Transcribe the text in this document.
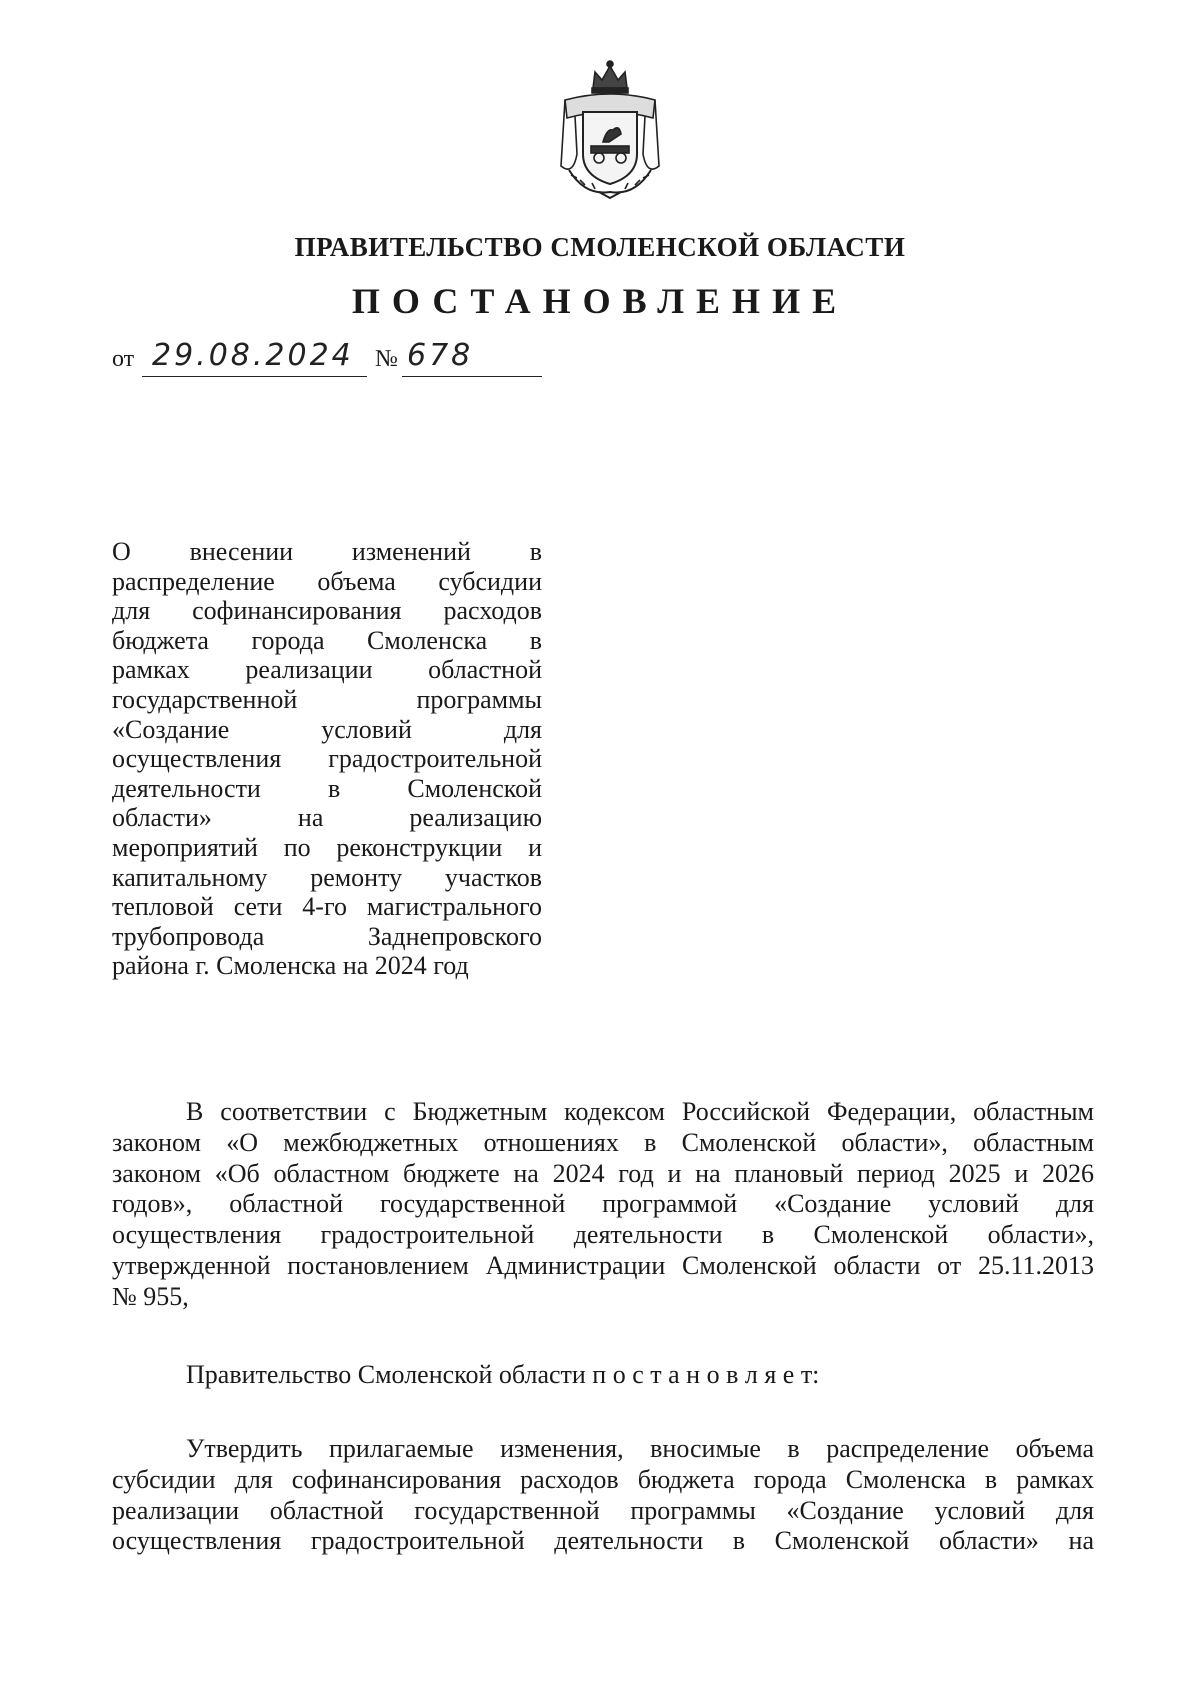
ПРАВИТЕЛЬСТВО СМОЛЕНСКОЙ ОБЛАСТИ
ПОСТАНОВЛЕНИЕ
от 29.08.2024 № 678
О внесении изменений в
распределение объема субсидии
для софинансирования расходов
бюджета города Смоленска в
рамках реализации областной
государственной программы
«Создание условий для
осуществления градостроительной
деятельности в Смоленской
области» на реализацию
мероприятий по реконструкции и
капитальному ремонту участков
тепловой сети 4-го магистрального
трубопровода Заднепровского
района г. Смоленска на 2024 год
В соответствии с Бюджетным кодексом Российской Федерации, областным
законом «О межбюджетных отношениях в Смоленской области», областным
законом «Об областном бюджете на 2024 год и на плановый период 2025 и 2026
годов», областной государственной программой «Создание условий для
осуществления градостроительной деятельности в Смоленской области»,
утвержденной постановлением Администрации Смоленской области от 25.11.2013
№ 955,
Правительство Смоленской области п о с т а н о в л я е т:
Утвердить прилагаемые изменения, вносимые в распределение объема
субсидии для софинансирования расходов бюджета города Смоленска в рамках
реализации областной государственной программы «Создание условий для
осуществления градостроительной деятельности в Смоленской области» на
